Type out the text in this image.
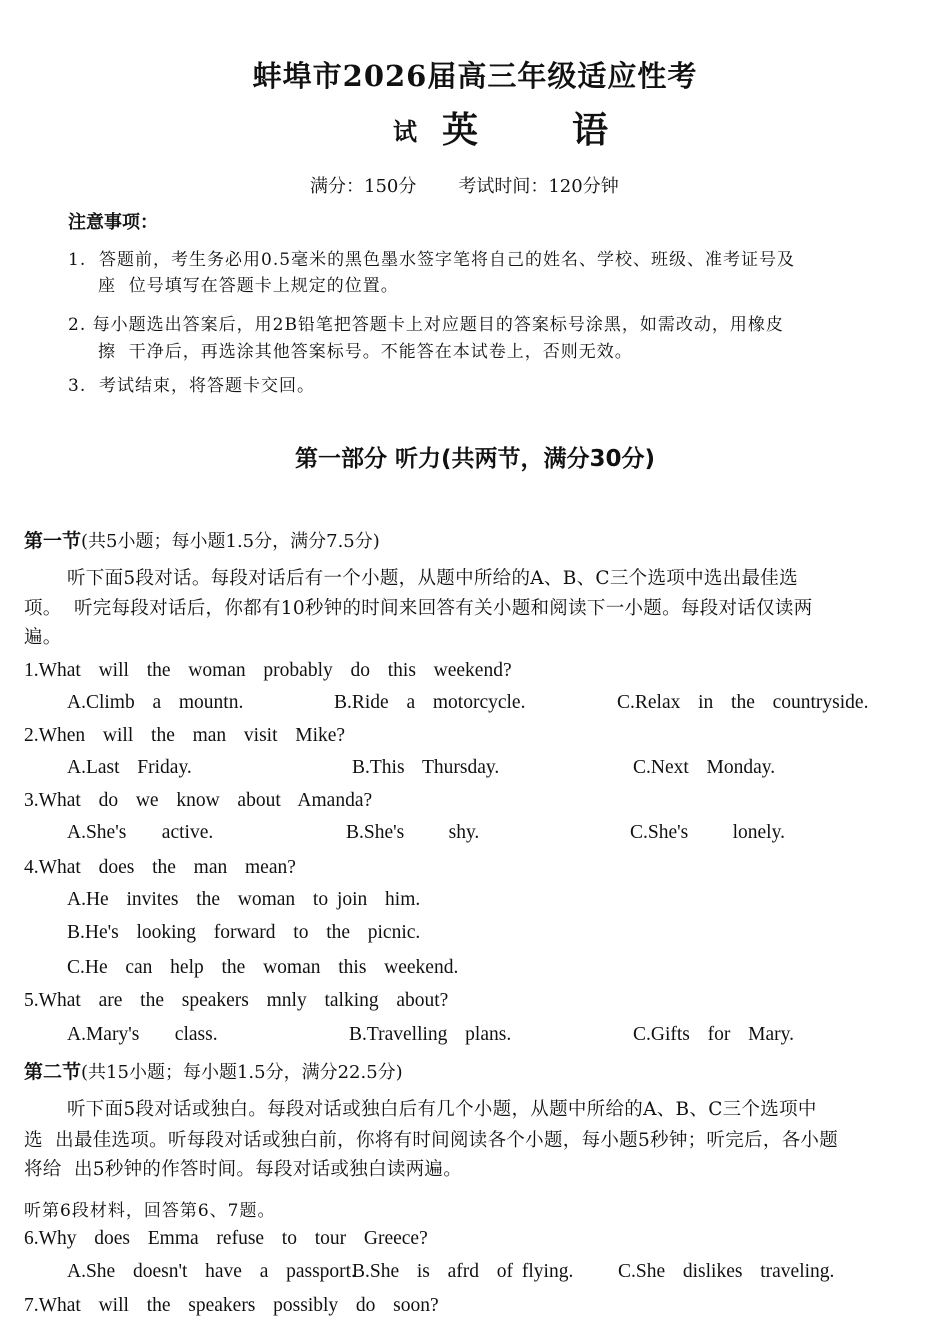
蚌埠市2026届高三年级适应性考
试 英	语
满分：150分 考试时间：120分钟
注意事项：
1.  答题前，考生务必用0.5毫米的黑色墨水签字笔将自己的姓名、学校、班级、准考证号及
座  位号填写在答题卡上规定的位置。
2. 每小题选出答案后，用2B铅笔把答题卡上对应题目的答案标号涂黑，如需改动，用橡皮
擦  干净后，再选涂其他答案标号。不能答在本试卷上，否则无效。
3.  考试结束，将答题卡交回。
第一部分 听力(共两节，满分30分)
第一节(共5小题；每小题1.5分，满分7.5分)
听下面5段对话。每段对话后有一个小题，从题中所给的A、B、C三个选项中选出最佳选
项。  听完每段对话后，你都有10秒钟的时间来回答有关小题和阅读下一小题。每段对话仅读两
遍。
1.What  will  the  woman  probably  do  this  weekend?
A.Climb  a  mountn.	B.Ride  a  motorcycle.	C.Relax  in  the  countryside.
2.When  will  the  man  visit  Mike?
A.Last  Friday.	B.This  Thursday.	C.Next  Monday.
3.What  do  we  know  about  Amanda?
A.She's    active.	B.She's     shy.	C.She's     lonely.
4.What  does  the  man  mean?
A.He  invites  the  woman  to join  him.
B.He's  looking  forward  to  the  picnic.
C.He  can  help  the  woman  this  weekend.
5.What  are  the  speakers  mnly  talking  about?
A.Mary's    class.	B.Travelling  plans.	C.Gifts  for  Mary.
第二节(共15小题；每小题1.5分，满分22.5分)
听下面5段对话或独白。每段对话或独白后有几个小题，从题中所给的A、B、C三个选项中
选  出最佳选项。听每段对话或独白前，你将有时间阅读各个小题，每小题5秒钟；听完后，各小题
将给  出5秒钟的作答时间。每段对话或独白读两遍。
听第6段材料，回答第6、7题。
6.Why  does  Emma  refuse  to  tour  Greece?
A.She  doesn't  have  a  passport.
B.She  is  afrd  of flying. C.She  dislikes  traveling.
7.What  will  the  speakers  possibly  do  soon?
